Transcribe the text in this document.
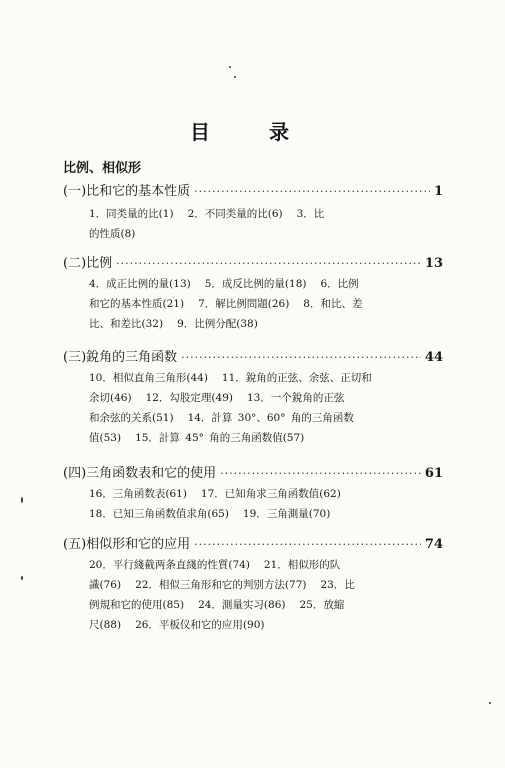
目 录
比例、相似形
(一)比和它的基本性质 ·····	1
1．同类量的比(1) 2．不同类量的比(6) 3．比
的性质(8)
(二)比例 ·····	13
4．成正比例的量(13) 5．成反比例的量(18) 6．比例
和它的基本性质(21) 7．解比例問題(26) 8．和比、差
比、和差比(32) 9．比例分配(38)
(三)銳角的三角函数 ·····	44
10．相似直角三角形(44) 11．銳角的正弦、余弦、正切和
余切(46) 12．勾股定理(49) 13．一个銳角的正弦
和余弦的关系(51) 14．計算 30°、60° 角的三角函数
值(53) 15．計算 45° 角的三角函数值(57)
(四)三角函数表和它的使用 ·····	61
16．三角函数表(61) 17．已知角求三角函数值(62)
18．已知三角函数值求角(65) 19．三角測量(70)
(五)相似形和它的应用 ·····	74
20．平行綫截两条直綫的性質(74) 21．相似形的队
識(76) 22．相似三角形和它的判别方法(77) 23．比
例規和它的使用(85) 24．測量实习(86) 25．放縮
尺(88) 26．平板仪和它的应用(90)
